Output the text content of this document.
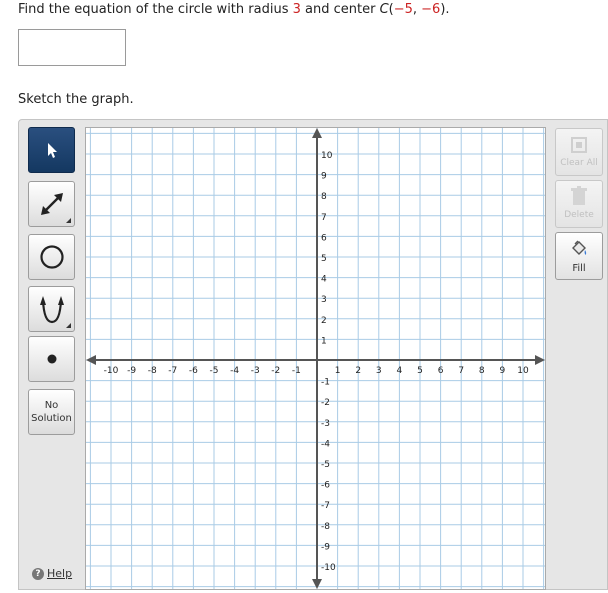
Find the equation of the circle with radius 3 and center C(−5, −6).
Sketch the graph.
No
Solution
? Help
-10 -9 -8 -7 -6 -5 -4 -3 -2 -1	1 2 3 4 5 6 7 8 9 10
10
9
8
7
6
5
4
3
2
1
-1
-2
-3
-4
-5
-6
-7
-8
-9
-10
Clear All
Delete
Fill
